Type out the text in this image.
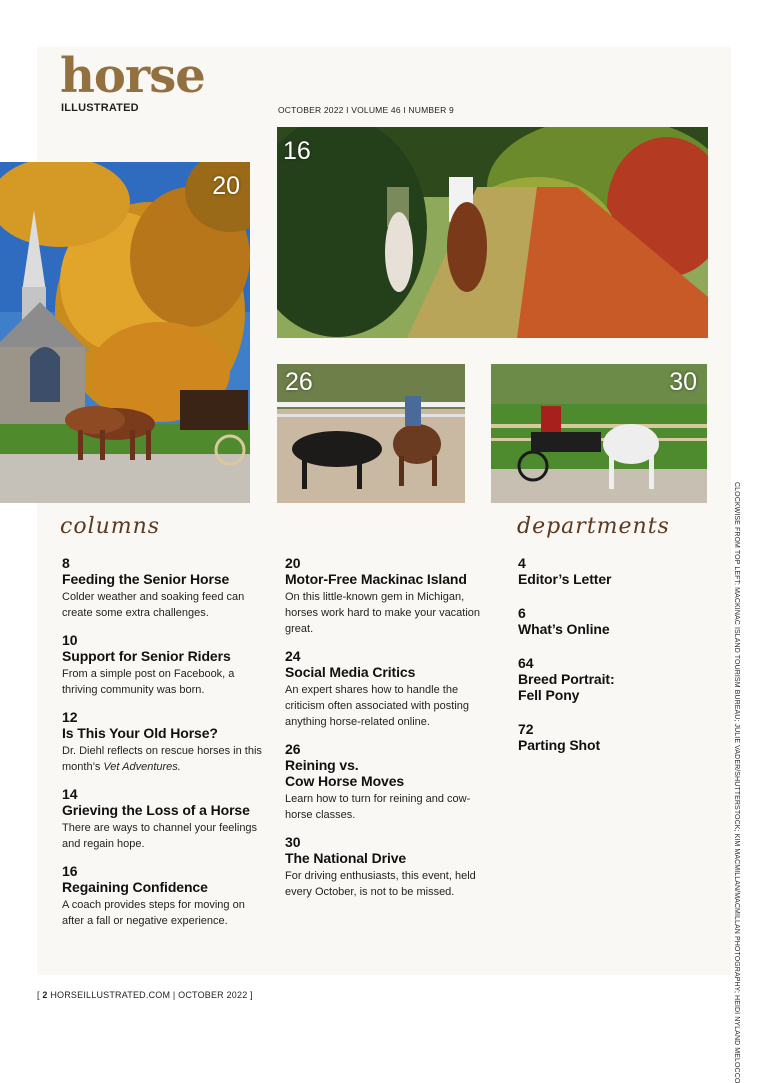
horse
ILLUSTRATED	OCTOBER 2022 I VOLUME 46 I NUMBER 9
20
16
26	30
columns	departments
8
Feeding the Senior Horse
Colder weather and soaking feed can create some extra challenges.
10
Support for Senior Riders
From a simple post on Facebook, a thriving community was born.
12
Is This Your Old Horse?
Dr. Diehl reflects on rescue horses in this month’s Vet Adventures.
14
Grieving the Loss of a Horse
There are ways to channel your feelings and regain hope.
16
Regaining Confidence
A coach provides steps for moving on after a fall or negative experience.
20
Motor-Free Mackinac Island
On this little-known gem in Michigan, horses work hard to make your vacation great.
24
Social Media Critics
An expert shares how to handle the criticism often associated with posting anything horse-related online.
26
Reining vs.
Cow Horse Moves
Learn how to turn for reining and cow-horse classes.
30
The National Drive
For driving enthusiasts, this event, held every October, is not to be missed.
4
Editor’s Letter
6
What’s Online
64
Breed Portrait:
Fell Pony
72
Parting Shot	CLOCKWISE FROM TOP LEFT: MACKINAC ISLAND TOURISM BUREAU; JULIE VADER/SHUTTERSTOCK; KIM MACMILLAN/MACMILLAN PHOTOGRAPHY; HEIDI NYLAND MELOCCO
[ 2 HORSEILLUSTRATED.COM | OCTOBER 2022 ]
